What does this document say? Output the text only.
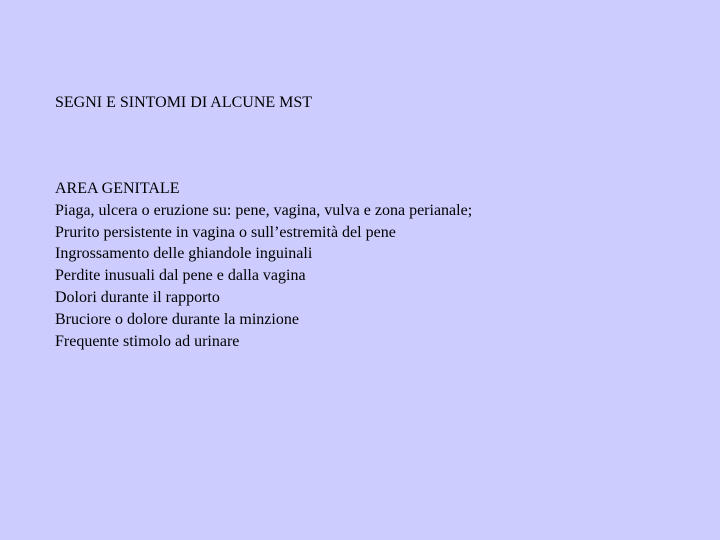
SEGNI E SINTOMI DI ALCUNE MST
AREA GENITALE
Piaga, ulcera o eruzione su: pene, vagina, vulva e zona perianale;
Prurito persistente in vagina o sull’estremità del pene
Ingrossamento delle ghiandole inguinali
Perdite inusuali dal pene e dalla vagina
Dolori durante il rapporto
Bruciore o dolore durante la minzione
Frequente stimolo ad urinare
